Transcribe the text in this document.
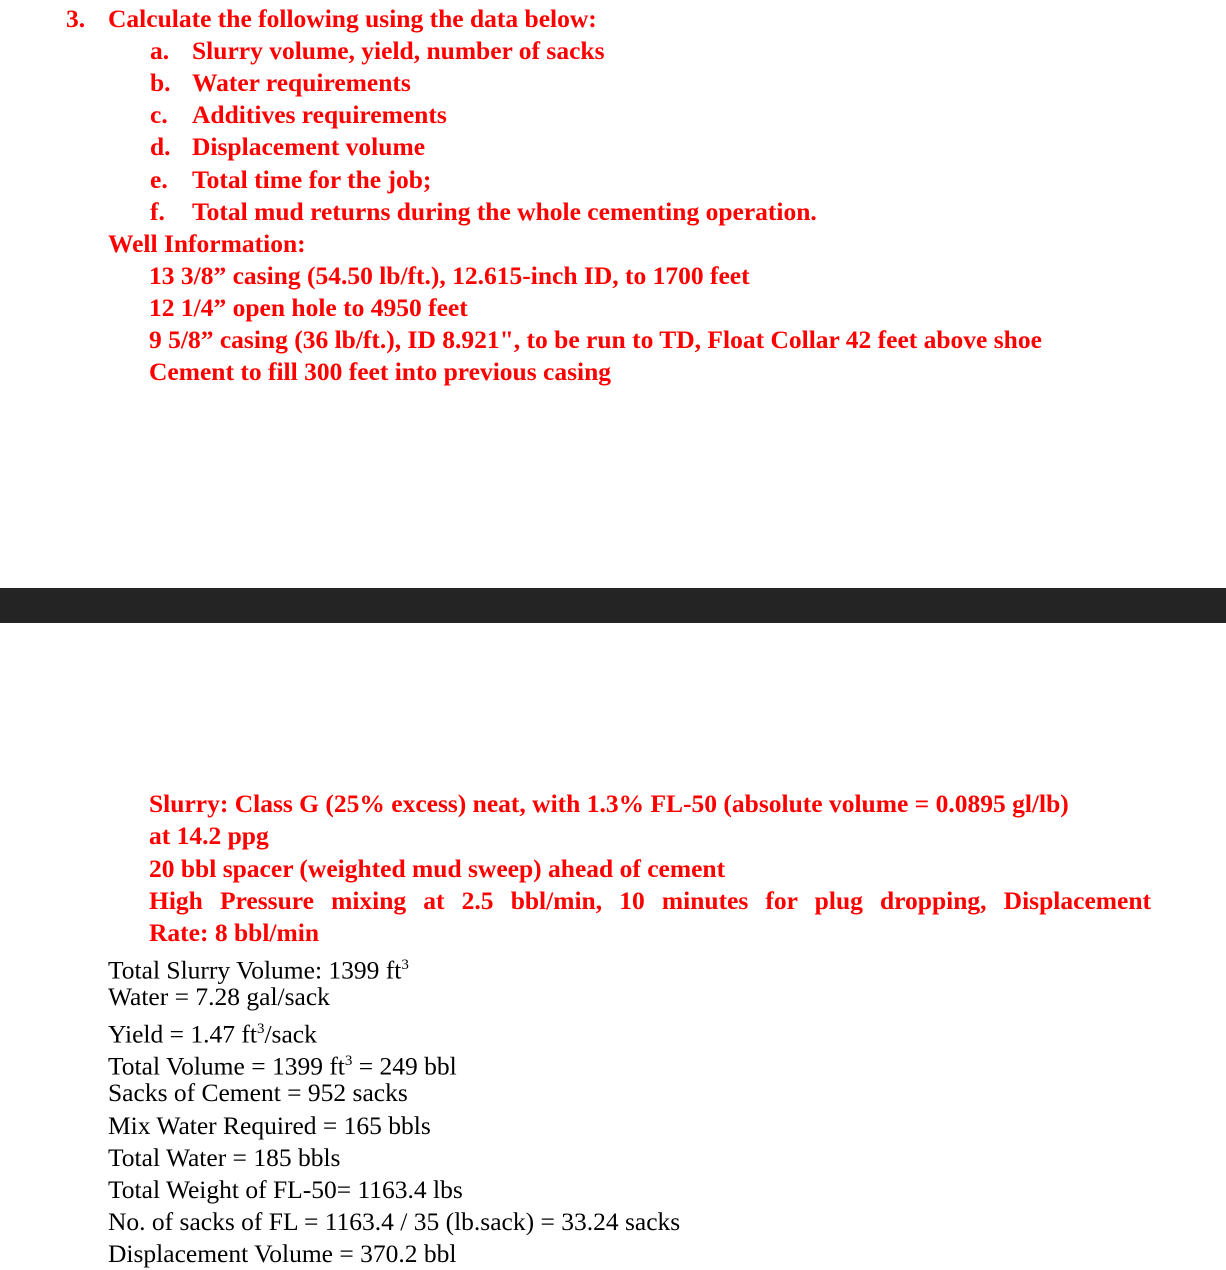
3. Calculate the following using the data below:
a. Slurry volume, yield, number of sacks
b. Water requirements
c. Additives requirements
d. Displacement volume
e. Total time for the job;
f. Total mud returns during the whole cementing operation.
Well Information:
13 3/8” casing (54.50 lb/ft.), 12.615-inch ID, to 1700 feet
12 1/4” open hole to 4950 feet
9 5/8” casing (36 lb/ft.), ID 8.921", to be run to TD, Float Collar 42 feet above shoe
Cement to fill 300 feet into previous casing
Slurry: Class G (25% excess) neat, with 1.3% FL-50 (absolute volume = 0.0895 gl/lb)
at 14.2 ppg
20 bbl spacer (weighted mud sweep) ahead of cement
High Pressure mixing at 2.5 bbl/min, 10 minutes for plug dropping, Displacement
Rate: 8 bbl/min
Total Slurry Volume: 1399 $ft^3$
Water = 7.28 gal/sack
Yield = 1.47 $ft^3$/sack
Total Volume = 1399 $ft^3 = 249$ bbl
Sacks of Cement = 952 sacks
Mix Water Required = 165 bbls
Total Water = 185 bbls
Total Weight of FL-50= 1163.4 lbs
No. of sacks of FL = 1163.4 / 35 (lb.sack) = 33.24 sacks
Displacement Volume = 370.2 bbl
